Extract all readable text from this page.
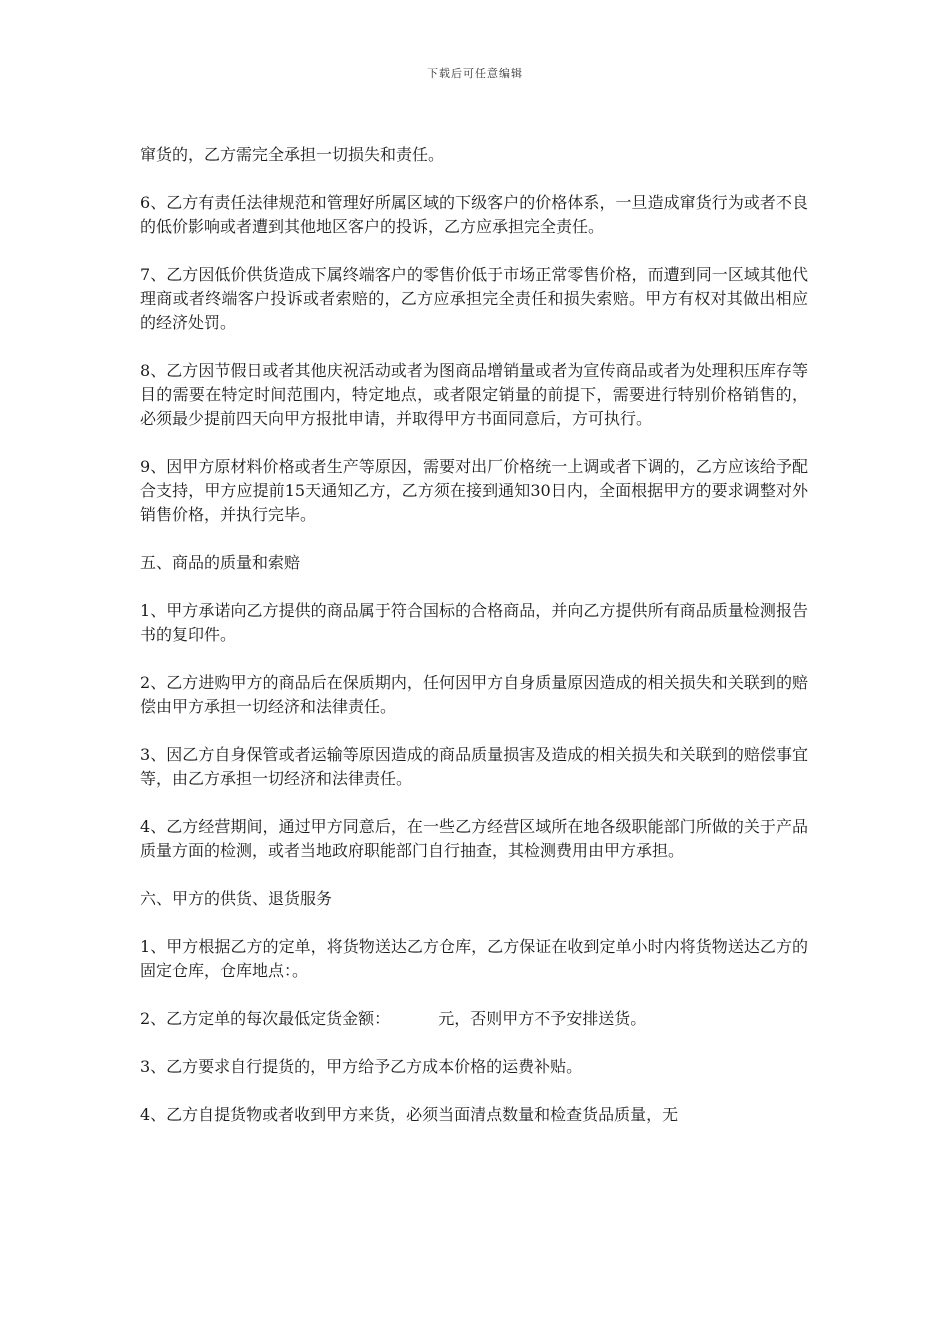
下载后可任意编辑

窜货的，乙方需完全承担一切损失和责任。

6、乙方有责任法律规范和管理好所属区域的下级客户的价格体系，一旦造成窜货行为或者不良的低价影响或者遭到其他地区客户的投诉，乙方应承担完全责任。

7、乙方因低价供货造成下属终端客户的零售价低于市场正常零售价格，而遭到同一区域其他代理商或者终端客户投诉或者索赔的，乙方应承担完全责任和损失索赔。甲方有权对其做出相应的经济处罚。

8、乙方因节假日或者其他庆祝活动或者为图商品增销量或者为宣传商品或者为处理积压库存等目的需要在特定时间范围内，特定地点，或者限定销量的前提下，需要进行特别价格销售的，必须最少提前四天向甲方报批申请，并取得甲方书面同意后，方可执行。

9、因甲方原材料价格或者生产等原因，需要对出厂价格统一上调或者下调的，乙方应该给予配合支持，甲方应提前15天通知乙方，乙方须在接到通知30日内，全面根据甲方的要求调整对外销售价格，并执行完毕。

五、商品的质量和索赔

1、甲方承诺向乙方提供的商品属于符合国标的合格商品，并向乙方提供所有商品质量检测报告书的复印件。

2、乙方进购甲方的商品后在保质期内，任何因甲方自身质量原因造成的相关损失和关联到的赔偿由甲方承担一切经济和法律责任。

3、因乙方自身保管或者运输等原因造成的商品质量损害及造成的相关损失和关联到的赔偿事宜等，由乙方承担一切经济和法律责任。

4、乙方经营期间，通过甲方同意后，在一些乙方经营区域所在地各级职能部门所做的关于产品质量方面的检测，或者当地政府职能部门自行抽查，其检测费用由甲方承担。

六、甲方的供货、退货服务

1、甲方根据乙方的定单，将货物送达乙方仓库，乙方保证在收到定单小时内将货物送达乙方的固定仓库，仓库地点：。

2、乙方定单的每次最低定货金额：	元，否则甲方不予安排送货。

3、乙方要求自行提货的，甲方给予乙方成本价格的运费补贴。

4、乙方自提货物或者收到甲方来货，必须当面清点数量和检查货品质量，无
